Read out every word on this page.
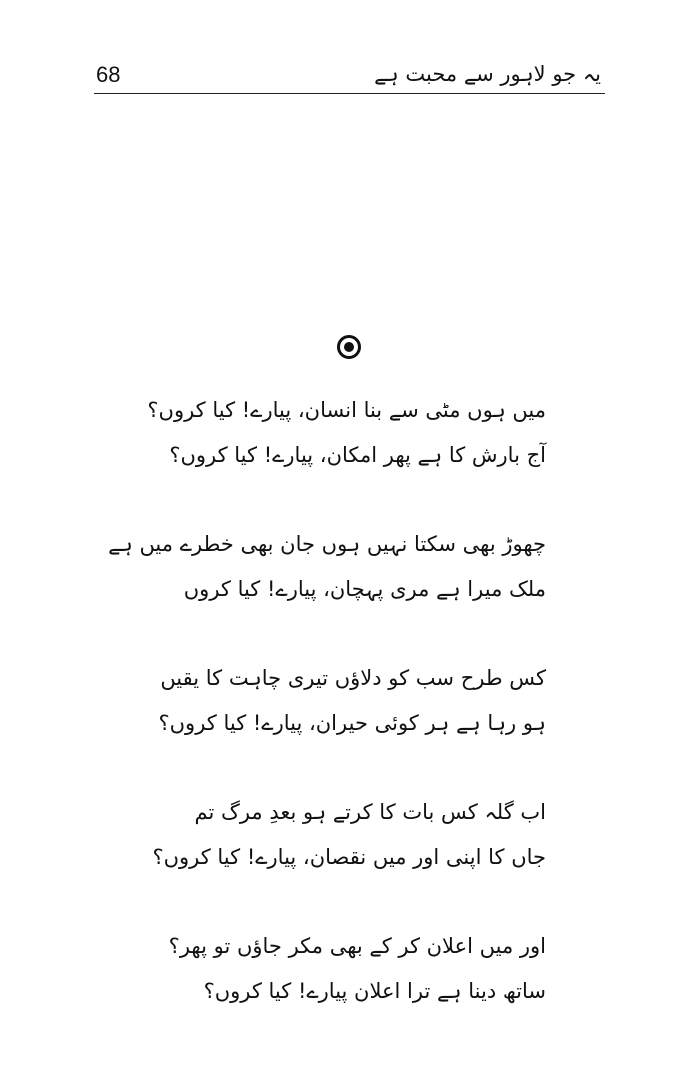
68	یہ جو لاہور سے محبت ہے
میں ہوں مٹی سے بنا انسان، پیارے! کیا کروں؟
آج بارش کا ہے پھر امکان، پیارے! کیا کروں؟
چھوڑ بھی سکتا نہیں ہوں جان بھی خطرے میں ہے
ملک میرا ہے مری پہچان، پیارے! کیا کروں
کس طرح سب کو دلاؤں تیری چاہت کا یقیں
ہو رہا ہے ہر کوئی حیران، پیارے! کیا کروں؟
اب گلہ کس بات کا کرتے ہو بعدِ مرگ تم
جاں کا اپنی اور میں نقصان، پیارے! کیا کروں؟
اور میں اعلان کر کے بھی مکر جاؤں تو پھر؟
ساتھ دینا ہے ترا اعلان پیارے! کیا کروں؟
